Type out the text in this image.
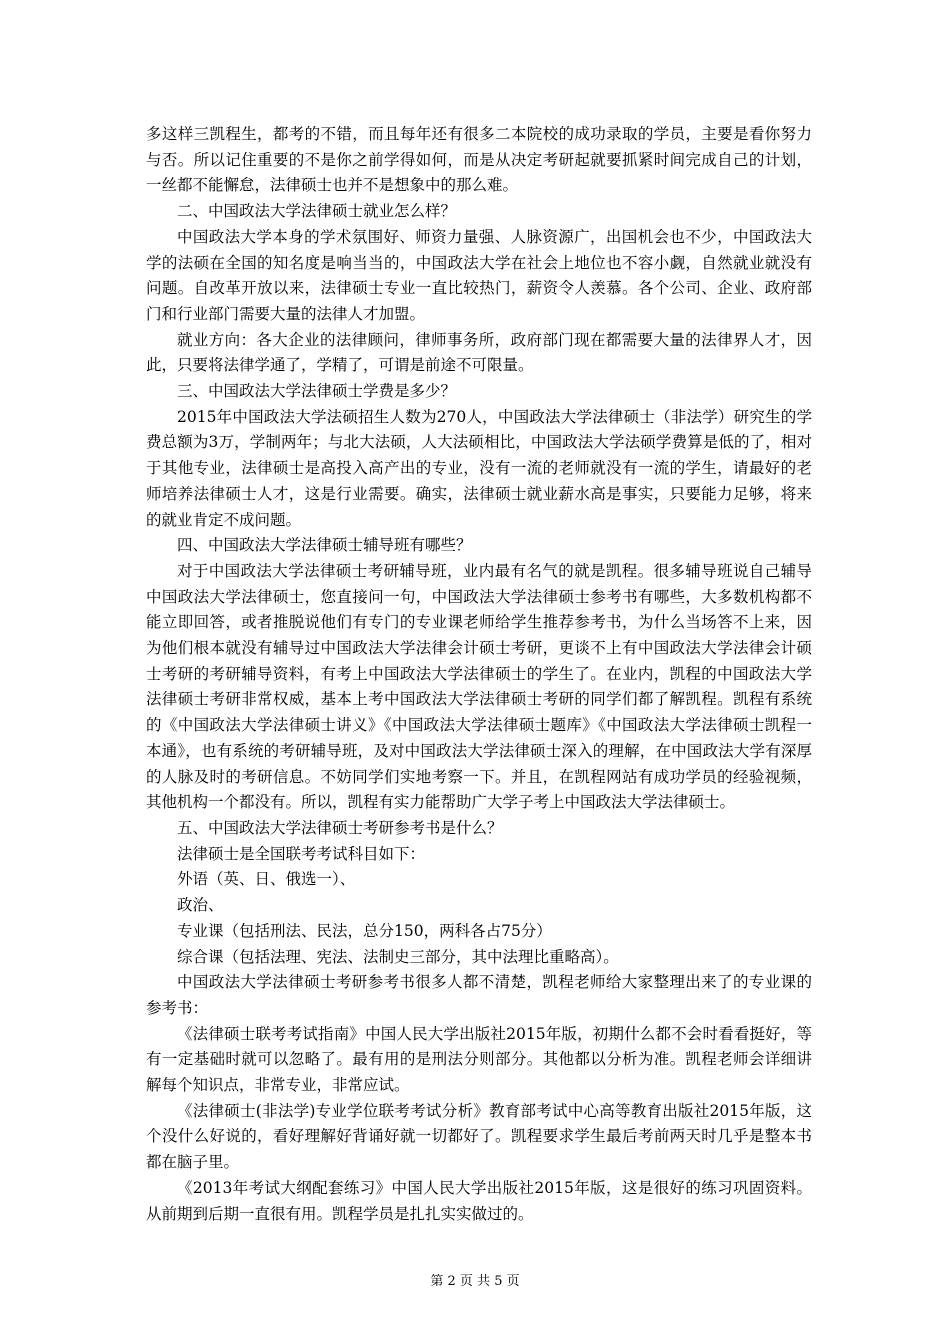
多这样三凯程生，都考的不错，而且每年还有很多二本院校的成功录取的学员，主要是看你努力与否。所以记住重要的不是你之前学得如何，而是从决定考研起就要抓紧时间完成自己的计划，一丝都不能懈怠，法律硕士也并不是想象中的那么难。

二、中国政法大学法律硕士就业怎么样？

中国政法大学本身的学术氛围好、师资力量强、人脉资源广，出国机会也不少，中国政法大学的法硕在全国的知名度是响当当的，中国政法大学在社会上地位也不容小觑，自然就业就没有问题。自改革开放以来，法律硕士专业一直比较热门，薪资令人羡慕。各个公司、企业、政府部门和行业部门需要大量的法律人才加盟。

就业方向：各大企业的法律顾问，律师事务所，政府部门现在都需要大量的法律界人才，因此，只要将法律学通了，学精了，可谓是前途不可限量。

三、中国政法大学法律硕士学费是多少？

2015年中国政法大学法硕招生人数为270人，中国政法大学法律硕士（非法学）研究生的学费总额为3万，学制两年；与北大法硕，人大法硕相比，中国政法大学法硕学费算是低的了，相对于其他专业，法律硕士是高投入高产出的专业，没有一流的老师就没有一流的学生，请最好的老师培养法律硕士人才，这是行业需要。确实，法律硕士就业薪水高是事实，只要能力足够，将来的就业肯定不成问题。

四、中国政法大学法律硕士辅导班有哪些？

对于中国政法大学法律硕士考研辅导班，业内最有名气的就是凯程。很多辅导班说自己辅导中国政法大学法律硕士，您直接问一句，中国政法大学法律硕士参考书有哪些，大多数机构都不能立即回答，或者推脱说他们有专门的专业课老师给学生推荐参考书，为什么当场答不上来，因为他们根本就没有辅导过中国政法大学法律会计硕士考研，更谈不上有中国政法大学法律会计硕士考研的考研辅导资料，有考上中国政法大学法律硕士的学生了。在业内，凯程的中国政法大学法律硕士考研非常权威，基本上考中国政法大学法律硕士考研的同学们都了解凯程。凯程有系统的《中国政法大学法律硕士讲义》《中国政法大学法律硕士题库》《中国政法大学法律硕士凯程一本通》，也有系统的考研辅导班，及对中国政法大学法律硕士深入的理解，在中国政法大学有深厚的人脉及时的考研信息。不妨同学们实地考察一下。并且，在凯程网站有成功学员的经验视频，其他机构一个都没有。所以，凯程有实力能帮助广大学子考上中国政法大学法律硕士。

五、中国政法大学法律硕士考研参考书是什么？

法律硕士是全国联考考试科目如下：

外语（英、日、俄选一）、

政治、

专业课（包括刑法、民法，总分150，两科各占75分）

综合课（包括法理、宪法、法制史三部分，其中法理比重略高）。

中国政法大学法律硕士考研参考书很多人都不清楚，凯程老师给大家整理出来了的专业课的参考书：

《法律硕士联考考试指南》中国人民大学出版社2015年版，初期什么都不会时看看挺好，等有一定基础时就可以忽略了。最有用的是刑法分则部分。其他都以分析为准。凯程老师会详细讲解每个知识点，非常专业，非常应试。

《法律硕士(非法学)专业学位联考考试分析》教育部考试中心高等教育出版社2015年版，这个没什么好说的，看好理解好背诵好就一切都好了。凯程要求学生最后考前两天时几乎是整本书都在脑子里。

《2013年考试大纲配套练习》中国人民大学出版社2015年版，这是很好的练习巩固资料。从前期到后期一直很有用。凯程学员是扎扎实实做过的。

第 2 页 共 5 页
